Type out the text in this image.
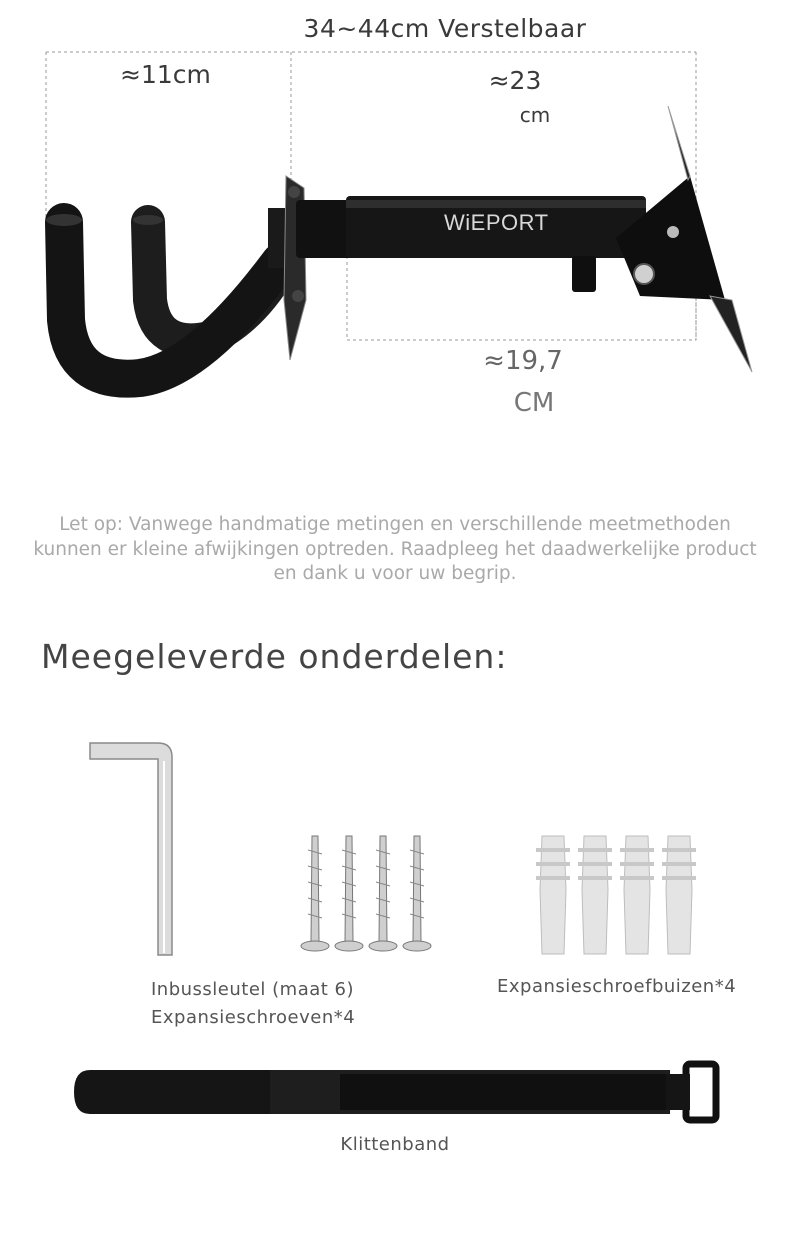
WiEPORT
34~44cm Verstelbaar
≈11cm	≈23
cm
≈19,7
CM
Let op: Vanwege handmatige metingen en verschillende meetmethoden kunnen er kleine afwijkingen optreden. Raadpleeg het daadwerkelijke product en dank u voor uw begrip.
Meegeleverde onderdelen:
Inbussleutel (maat 6)
Expansieschroeven*4
Expansieschroefbuizen*4
Klittenband
